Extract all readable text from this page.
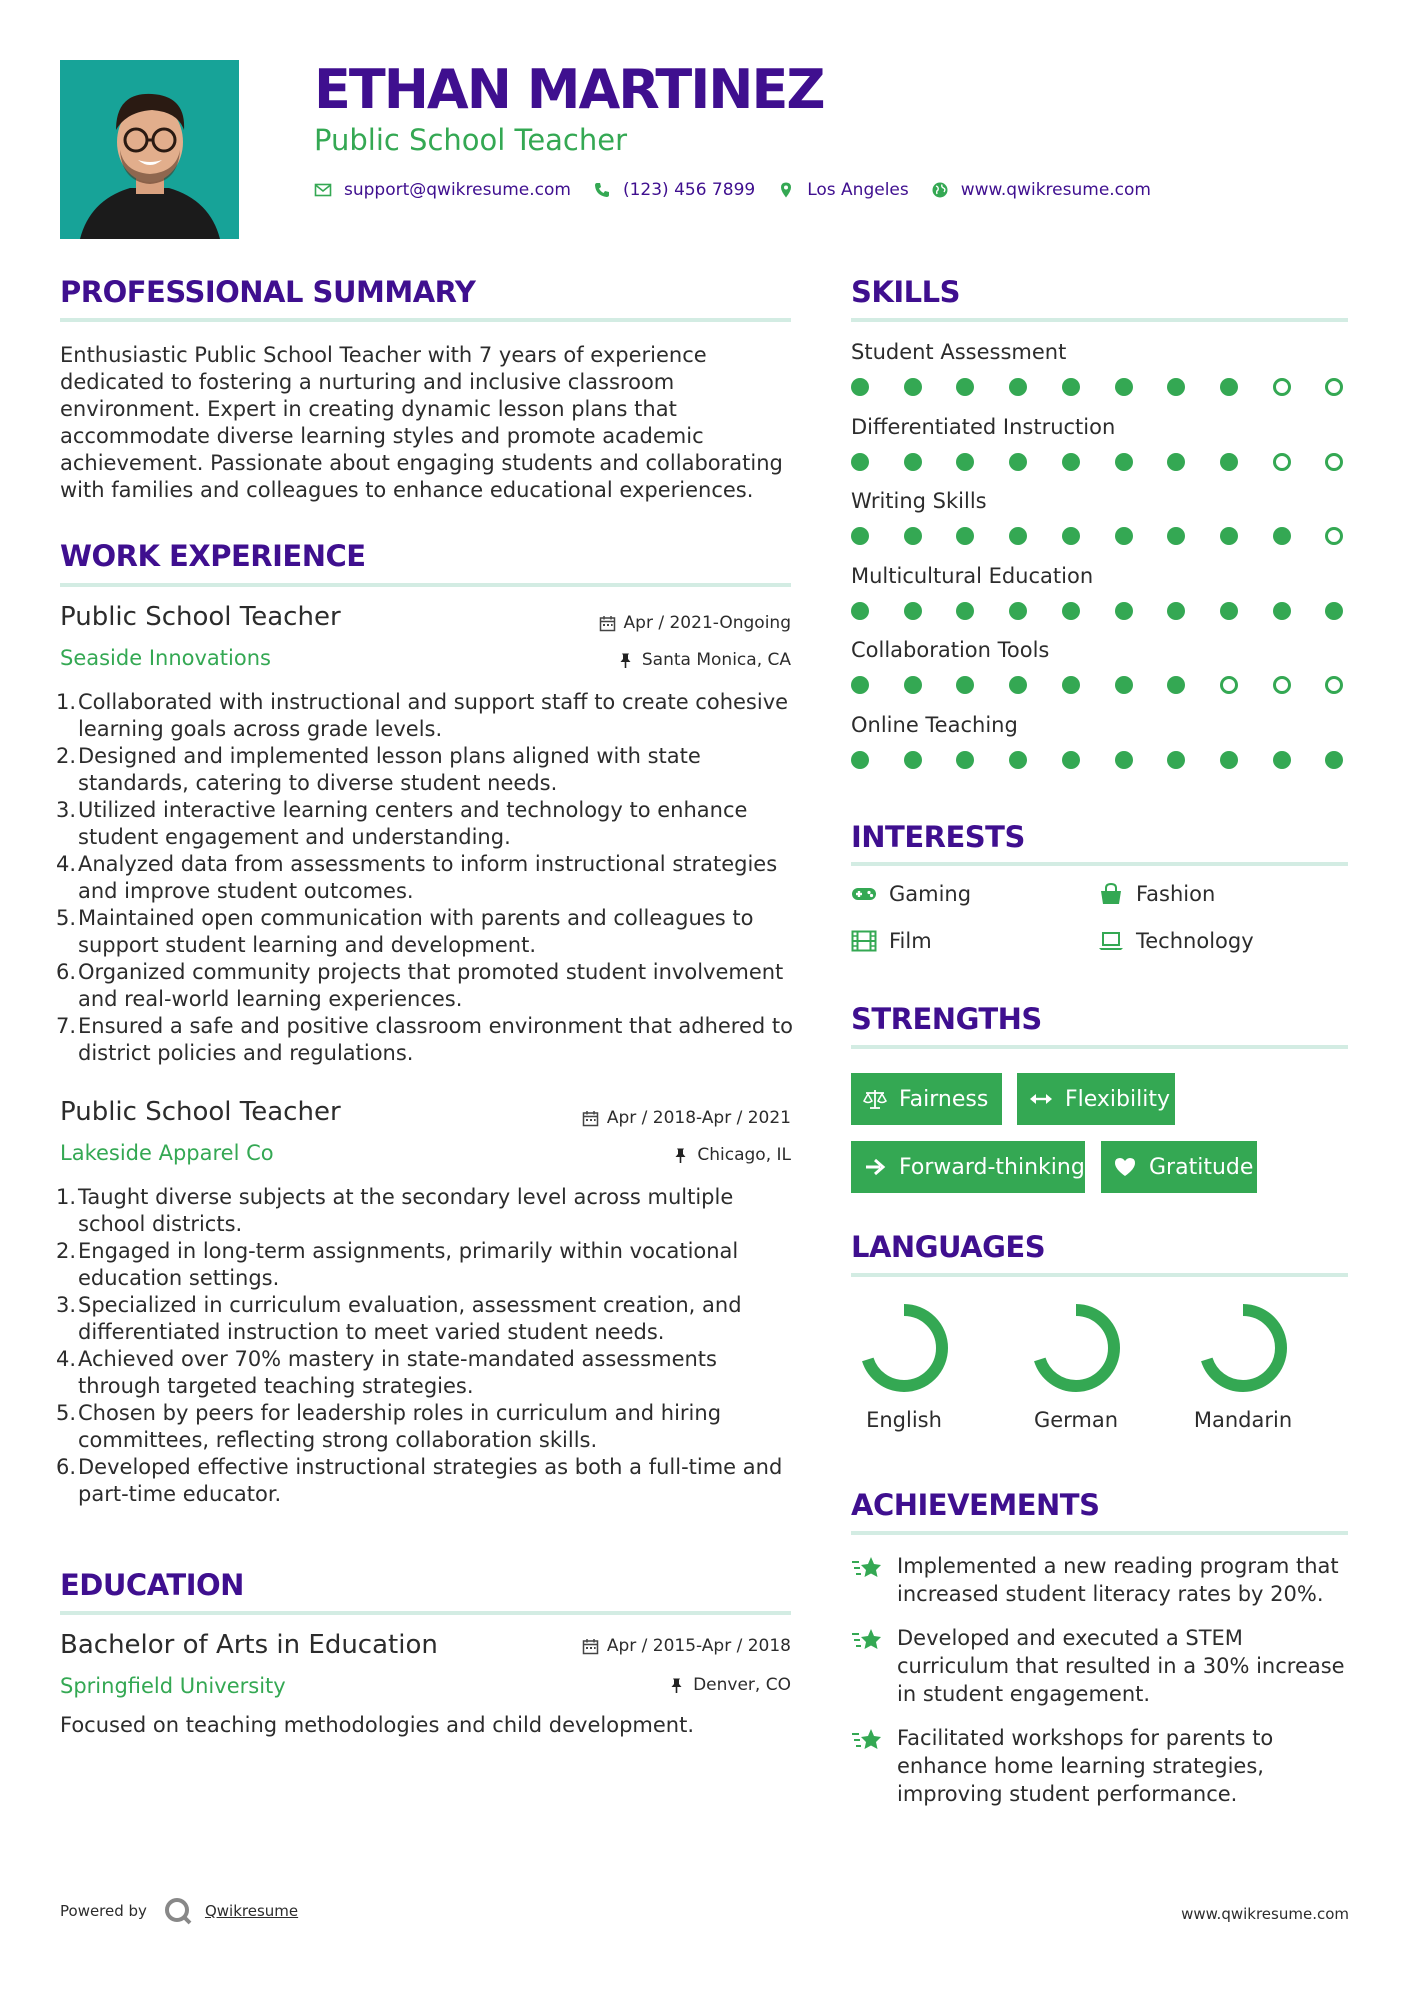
ETHAN MARTINEZ
Public School Teacher
support@qwikresume.com	(123) 456 7899	Los Angeles	www.qwikresume.com
PROFESSIONAL SUMMARY

Enthusiastic Public School Teacher with 7 years of experience dedicated to fostering a nurturing and inclusive classroom environment. Expert in creating dynamic lesson plans that accommodate diverse learning styles and promote academic achievement. Passionate about engaging students and collaborating with families and colleagues to enhance educational experiences.

WORK EXPERIENCE
Public School Teacher	Apr / 2021-Ongoing
Seaside Innovations	Santa Monica, CA
1. Collaborated with instructional and support staff to create cohesive learning goals across grade levels.
2. Designed and implemented lesson plans aligned with state standards, catering to diverse student needs.
3. Utilized interactive learning centers and technology to enhance student engagement and understanding.
4. Analyzed data from assessments to inform instructional strategies and improve student outcomes.
5. Maintained open communication with parents and colleagues to support student learning and development.
6. Organized community projects that promoted student involvement and real-world learning experiences.
7. Ensured a safe and positive classroom environment that adhered to district policies and regulations.
Public School Teacher	Apr / 2018-Apr / 2021
Lakeside Apparel Co	Chicago, IL
1. Taught diverse subjects at the secondary level across multiple school districts.
2. Engaged in long-term assignments, primarily within vocational education settings.
3. Specialized in curriculum evaluation, assessment creation, and differentiated instruction to meet varied student needs.
4. Achieved over 70% mastery in state-mandated assessments through targeted teaching strategies.
5. Chosen by peers for leadership roles in curriculum and hiring committees, reflecting strong collaboration skills.
6. Developed effective instructional strategies as both a full-time and part-time educator.
EDUCATION
Bachelor of Arts in Education	Apr / 2015-Apr / 2018
Springfield University	Denver, CO

Focused on teaching methodologies and child development.

SKILLS
Student Assessment
Differentiated Instruction
Writing Skills
Multicultural Education
Collaboration Tools
Online Teaching
INTERESTS
Gaming	Fashion
Film	Technology
STRENGTHS
Fairness	Flexibility
Forward-thinking	Gratitude
LANGUAGES
English	German	Mandarin
ACHIEVEMENTS
Implemented a new reading program that increased student literacy rates by 20%.
Developed and executed a STEM curriculum that resulted in a 30% increase in student engagement.
Facilitated workshops for parents to enhance home learning strategies, improving student performance.
Powered by	Qwikresume	www.qwikresume.com
